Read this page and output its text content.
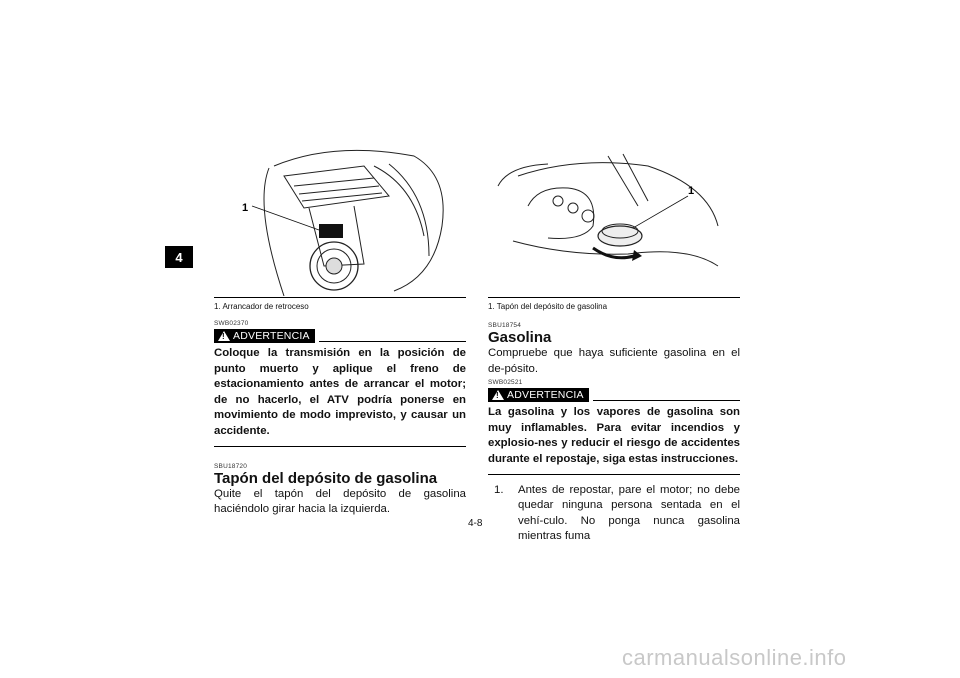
4
1
1. Arrancador de retroceso
1
1. Tapón del depósito de gasolina
SWB02370
!
ADVERTENCIA
Coloque la transmisión en la posición de punto muerto y aplique el freno de estacionamiento antes de arrancar el motor; de no hacerlo, el ATV podría ponerse en movimiento de modo imprevisto, y causar un accidente.
SBU18720
Tapón del depósito de gasolina
Quite el tapón del depósito de gasolina haciéndolo girar hacia la izquierda.
SBU18754
Gasolina
Compruebe que haya suficiente gasolina en el de-pósito.
SWB02521
!
ADVERTENCIA
La gasolina y los vapores de gasolina son muy inflamables. Para evitar incendios y explosio-nes y reducir el riesgo de accidentes durante el repostaje, siga estas instrucciones.
1.	Antes de repostar, pare el motor; no debe quedar ninguna persona sentada en el vehí-culo. No ponga nunca gasolina mientras fuma
4-8
carmanualsonline.info
